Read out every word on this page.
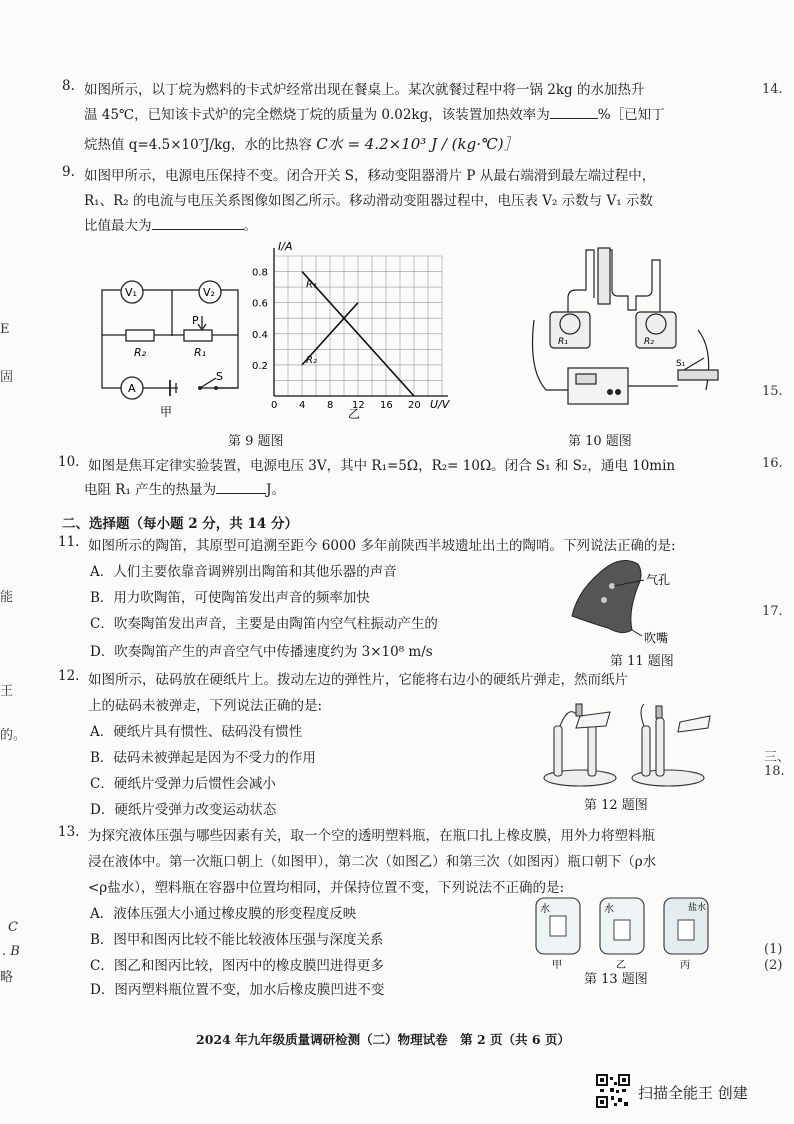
8. 如图所示，以丁烷为燃料的卡式炉经常出现在餐桌上。某次就餐过程中将一锅 2kg 的水加热升
温 45℃，已知该卡式炉的完全燃烧丁烷的质量为 0.02kg，该装置加热效率为	%［已知丁
烷热值 q=4.5×10⁷J/kg，水的比热容 C水 = 4.2×10³ J / (kg·℃)］
9. 如图甲所示，电源电压保持不变。闭合开关 S，移动变阻器滑片 P 从最右端滑到最左端过程中，
R₁、R₂ 的电流与电压关系图像如图乙所示。移动滑动变阻器过程中，电压表 V₂ 示数与 V₁ 示数
比值最大为	。
V₁	V₂
A
P
R₂	R₁
S
甲	0 4 8 12 16 20
0.2
0.4
0.6
0.8
R₁
R₂
I/A
U/V
乙
第 9 题图
R₁	R₂
S₁
第 10 题图
10. 如图是焦耳定律实验装置，电源电压 3V，其中 R₁=5Ω，R₂= 10Ω。闭合 S₁ 和 S₂，通电 10min
电阻 R₁ 产生的热量为	J。
二、选择题（每小题 2 分，共 14 分）
11. 如图所示的陶笛，其原型可追溯至距今 6000 多年前陕西半坡遗址出土的陶哨。下列说法正确的是:
A．人们主要依靠音调辨别出陶笛和其他乐器的声音
B．用力吹陶笛，可使陶笛发出声音的频率加快
C．吹奏陶笛发出声音，主要是由陶笛内空气柱振动产生的
D．吹奏陶笛产生的声音空气中传播速度约为 3×10⁸ m/s
气孔
吹嘴
第 11 题图
12. 如图所示，砝码放在硬纸片上。拨动左边的弹性片，它能将右边小的硬纸片弹走，然而纸片
上的砝码未被弹走，下列说法正确的是:
A．硬纸片具有惯性、砝码没有惯性
B．砝码未被弹起是因为不受力的作用
C．硬纸片受弹力后惯性会减小
D．硬纸片受弹力改变运动状态	第 12 题图
13. 为探究液体压强与哪些因素有关，取一个空的透明塑料瓶，在瓶口扎上橡皮膜，用外力将塑料瓶
浸在液体中。第一次瓶口朝上（如图甲），第二次（如图乙）和第三次（如图丙）瓶口朝下（ρ水
<ρ盐水），塑料瓶在容器中位置均相同，并保持位置不变，下列说法不正确的是:
A．液体压强大小通过橡皮膜的形变程度反映
B．图甲和图丙比较不能比较液体压强与深度关系
C．图乙和图丙比较，图丙中的橡皮膜凹进得更多
D．图丙塑料瓶位置不变，加水后橡皮膜凹进不变
水	水	盐水
甲	乙	丙
第 13 题图
2024 年九年级质量调研检测（二）物理试卷　第 2 页（共 6 页）
14.
15.
16.
17.
三、
18.
(1)
(2)
E
固
能
王
的。
C
. B
略
扫描全能王 创建
